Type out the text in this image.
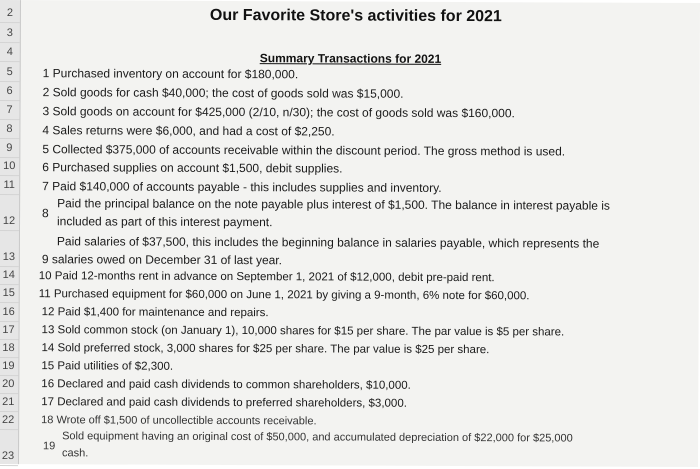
2
3
4
5
6
7
8
9
10
11
12
13
14
15
16
17
18
19
20
21
22
23
Our Favorite Store's activities for 2021
Summary Transactions for 2021
1 Purchased inventory on account for $180,000.
2 Sold goods for cash $40,000; the cost of goods sold was $15,000.
3 Sold goods on account for $425,000 (2/10, n/30); the cost of goods sold was $160,000.
4 Sales returns were $6,000, and had a cost of $2,250.
5 Collected $375,000 of accounts receivable within the discount period. The gross method is used.
6 Purchased supplies on account $1,500, debit supplies.
7 Paid $140,000 of accounts payable - this includes supplies and inventory.
8
Paid the principal balance on the note payable plus interest of $1,500. The balance in interest payable is
included as part of this interest payment.
Paid salaries of $37,500, this includes the beginning balance in salaries payable, which represents the
9 salaries owed on December 31 of last year.
10 Paid 12-months rent in advance on September 1, 2021 of $12,000, debit pre-paid rent.
11 Purchased equipment for $60,000 on June 1, 2021 by giving a 9-month, 6% note for $60,000.
12 Paid $1,400 for maintenance and repairs.
13 Sold common stock (on January 1), 10,000 shares for $15 per share. The par value is $5 per share.
14 Sold preferred stock, 3,000 shares for $25 per share. The par value is $25 per share.
15 Paid utilities of $2,300.
16 Declared and paid cash dividends to common shareholders, $10,000.
17 Declared and paid cash dividends to preferred shareholders, $3,000.
18 Wrote off $1,500 of uncollectible accounts receivable.
19
Sold equipment having an original cost of $50,000, and accumulated depreciation of $22,000 for $25,000
cash.
